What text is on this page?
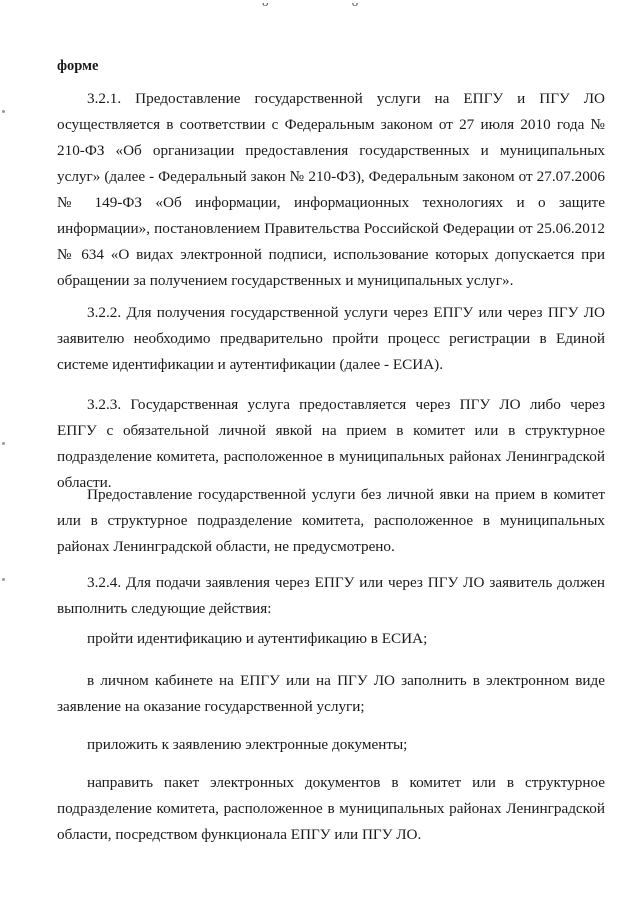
ᴗ ᴗ
форме

3.2.1. Предоставление государственной услуги на ЕПГУ и ПГУ ЛО осуществляется в соответствии с Федеральным законом от 27 июля 2010 года № 210-ФЗ «Об организации предоставления государственных и муниципальных услуг» (далее - Федеральный закон № 210-ФЗ), Федеральным законом от 27.07.2006 № 149-ФЗ «Об информации, информационных технологиях и о защите информации», постановлением Правительства Российской Федерации от 25.06.2012 № 634 «О видах электронной подписи, использование которых допускается при обращении за получением государственных и муниципальных услуг».

3.2.2. Для получения государственной услуги через ЕПГУ или через ПГУ ЛО заявителю необходимо предварительно пройти процесс регистрации в Единой системе идентификации и аутентификации (далее - ЕСИА).

3.2.3. Государственная услуга предоставляется через ПГУ ЛО либо через ЕПГУ с обязательной личной явкой на прием в комитет или в структурное подразделение комитета, расположенное в муниципальных районах Ленинградской области.

Предоставление государственной услуги без личной явки на прием в комитет или в структурное подразделение комитета, расположенное в муниципальных районах Ленинградской области, не предусмотрено.

3.2.4. Для подачи заявления через ЕПГУ или через ПГУ ЛО заявитель должен выполнить следующие действия:

пройти идентификацию и аутентификацию в ЕСИА;

в личном кабинете на ЕПГУ или на ПГУ ЛО заполнить в электронном виде заявление на оказание государственной услуги;

приложить к заявлению электронные документы;

направить пакет электронных документов в комитет или в структурное подразделение комитета, расположенное в муниципальных районах Ленинградской области, посредством функционала ЕПГУ или ПГУ ЛО.
